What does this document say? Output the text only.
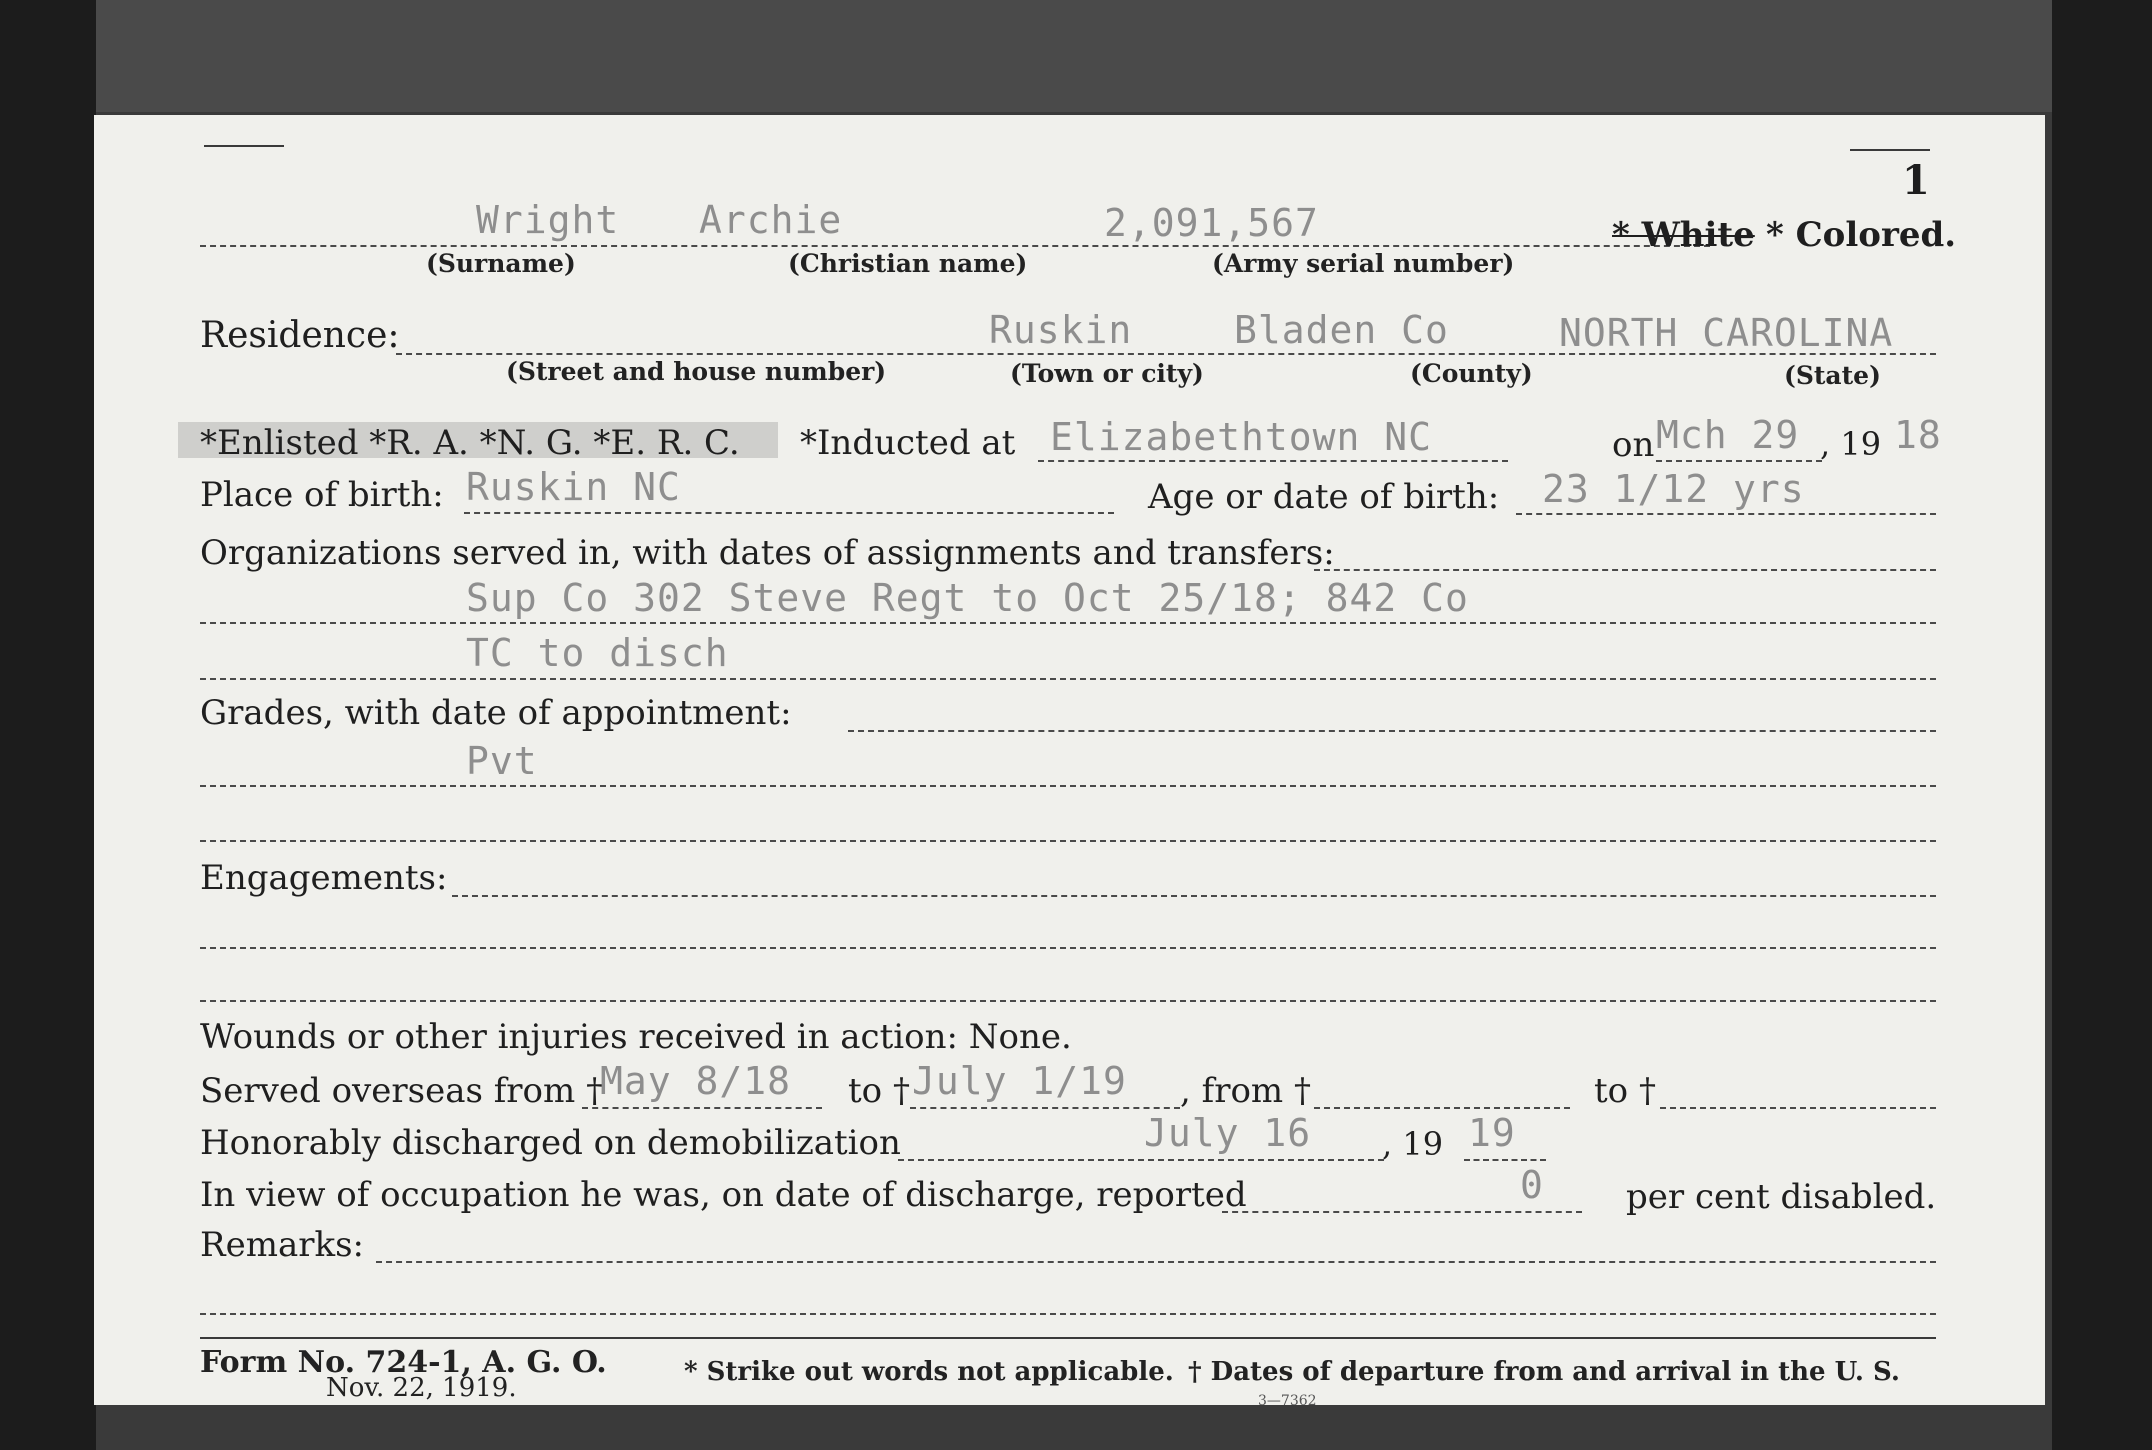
1
Wright Archie	2,091,567	* White * Colored.
(Surname)	(Christian name)	(Army serial number)
Residence:	Ruskin	Bladen Co	NORTH CAROLINA
(Street and house number)	(Town or city)	(County)	(State)
*Enlisted *R. A. *N. G. *E. R. C. *Inducted at Elizabethtown NC	on Mch 29 , 19 18
Place of birth: Ruskin NC	Age or date of birth: 23 1/12 yrs
Organizations served in, with dates of assignments and transfers:
Sup Co 302 Steve Regt to Oct 25/18; 842 Co
TC to disch
Grades, with date of appointment:
Pvt
Engagements:
Wounds or other injuries received in action: None.
Served overseas from †
May 8/18 to † July 1/19 , from †	to †
Honorably discharged on demobilization	July 16 , 19 19
In view of occupation he was, on date of discharge, reported	0 per cent disabled.
Remarks:
Form No. 724-1, A. G. O.
Nov. 22, 1919.
* Strike out words not applicable. † Dates of departure from and arrival in the U. S.
3—7362
